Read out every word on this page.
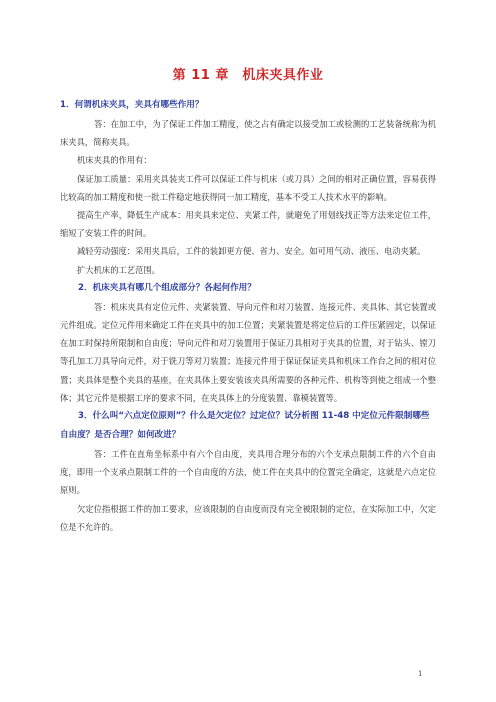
第 11 章　机床夹具作业

1．何谓机床夹具，夹具有哪些作用？

答：在加工中，为了保证工件加工精度，使之占有确定以接受加工或检测的工艺装备统称为机床夹具，简称夹具。

机床夹具的作用有：

保证加工质量：采用夹具装夹工件可以保证工件与机床（或刀具）之间的相对正确位置，容易获得比较高的加工精度和使一批工件稳定地获得同一加工精度，基本不受工人技术水平的影响。

提高生产率，降低生产成本：用夹具来定位、夹紧工件，就避免了用划线找正等方法来定位工件，缩短了安装工件的时间。

减轻劳动强度：采用夹具后，工件的装卸更方便、省力、安全。如可用气动、液压、电动夹紧。

扩大机床的工艺范围。

2．机床夹具有哪几个组成部分？各起何作用？

答：机床夹具有定位元件、夹紧装置、导向元件和对刀装置、连接元件、夹具体、其它装置或元件组成。定位元件用来确定工件在夹具中的加工位置；夹紧装置是将定位后的工件压紧固定，以保证在加工时保持所限制和自由度；导向元件和对刀装置用于保证刀具相对于夹具的位置，对于钻头、镗刀等孔加工刀具导向元件，对于铣刀等对刀装置；连接元件用于保证保证夹具和机床工作台之间的相对位置；夹具体是整个夹具的基座，在夹具体上要安装该夹具所需要的各种元件、机构等到使之组成一个整体；其它元件是根据工序的要求不同，在夹具体上的分度装置、靠模装置等。

3．什么叫“六点定位原则”？什么是欠定位？过定位？试分析图 11-48 中定位元件限制哪些自由度？是否合理？如何改进？

答：工件在直角坐标系中有六个自由度，夹具用合理分布的六个支承点限制工件的六个自由度，即用一个支承点限制工件的一个自由度的方法，使工件在夹具中的位置完全确定，这就是六点定位原则。

欠定位指根据工件的加工要求，应该限制的自由度而没有完全被限制的定位，在实际加工中，欠定位是不允许的。

1
